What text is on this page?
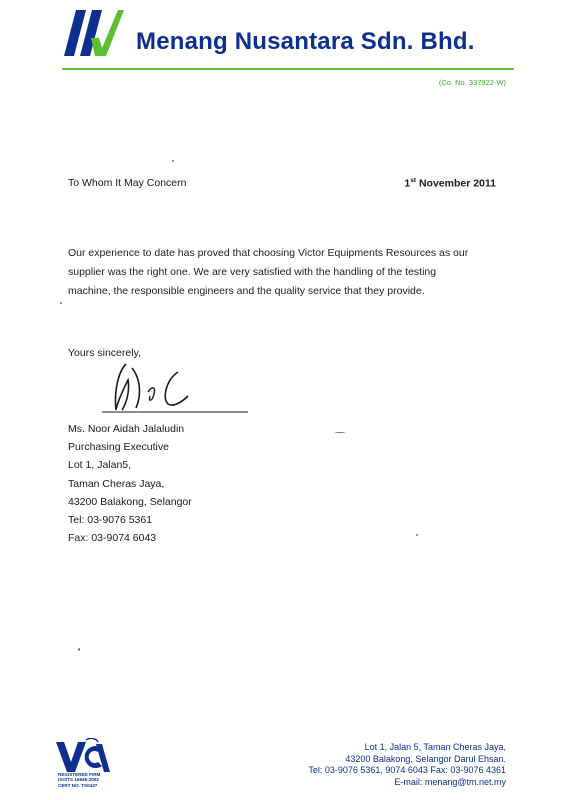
Menang Nusantara Sdn. Bhd.
(Co. No. 337922-W)
To Whom It May Concern	1st November 2011
Our experience to date has proved that choosing Victor Equipments Resources as our
supplier was the right one. We are very satisfied with the handling of the testing
machine, the responsible engineers and the quality service that they provide.
Yours sincerely,
Ms. Noor Aidah Jalaludin
Purchasing Executive
Lot 1, Jalan5,
Taman Cheras Jaya,
43200 Balakong, Selangor
Tel: 03-9076 5361
Fax: 03-9074 6043
REGISTERED FIRM
ISO/TS 16949:2002
CERT NO. TS0437
Lot 1, Jalan 5, Taman Cheras Jaya,
43200 Balakong, Selangor Darul Ehsan.
Tel: 03-9076 5361, 9074 6043 Fax: 03-9076 4361
E-mail: menang@tm.net.my
